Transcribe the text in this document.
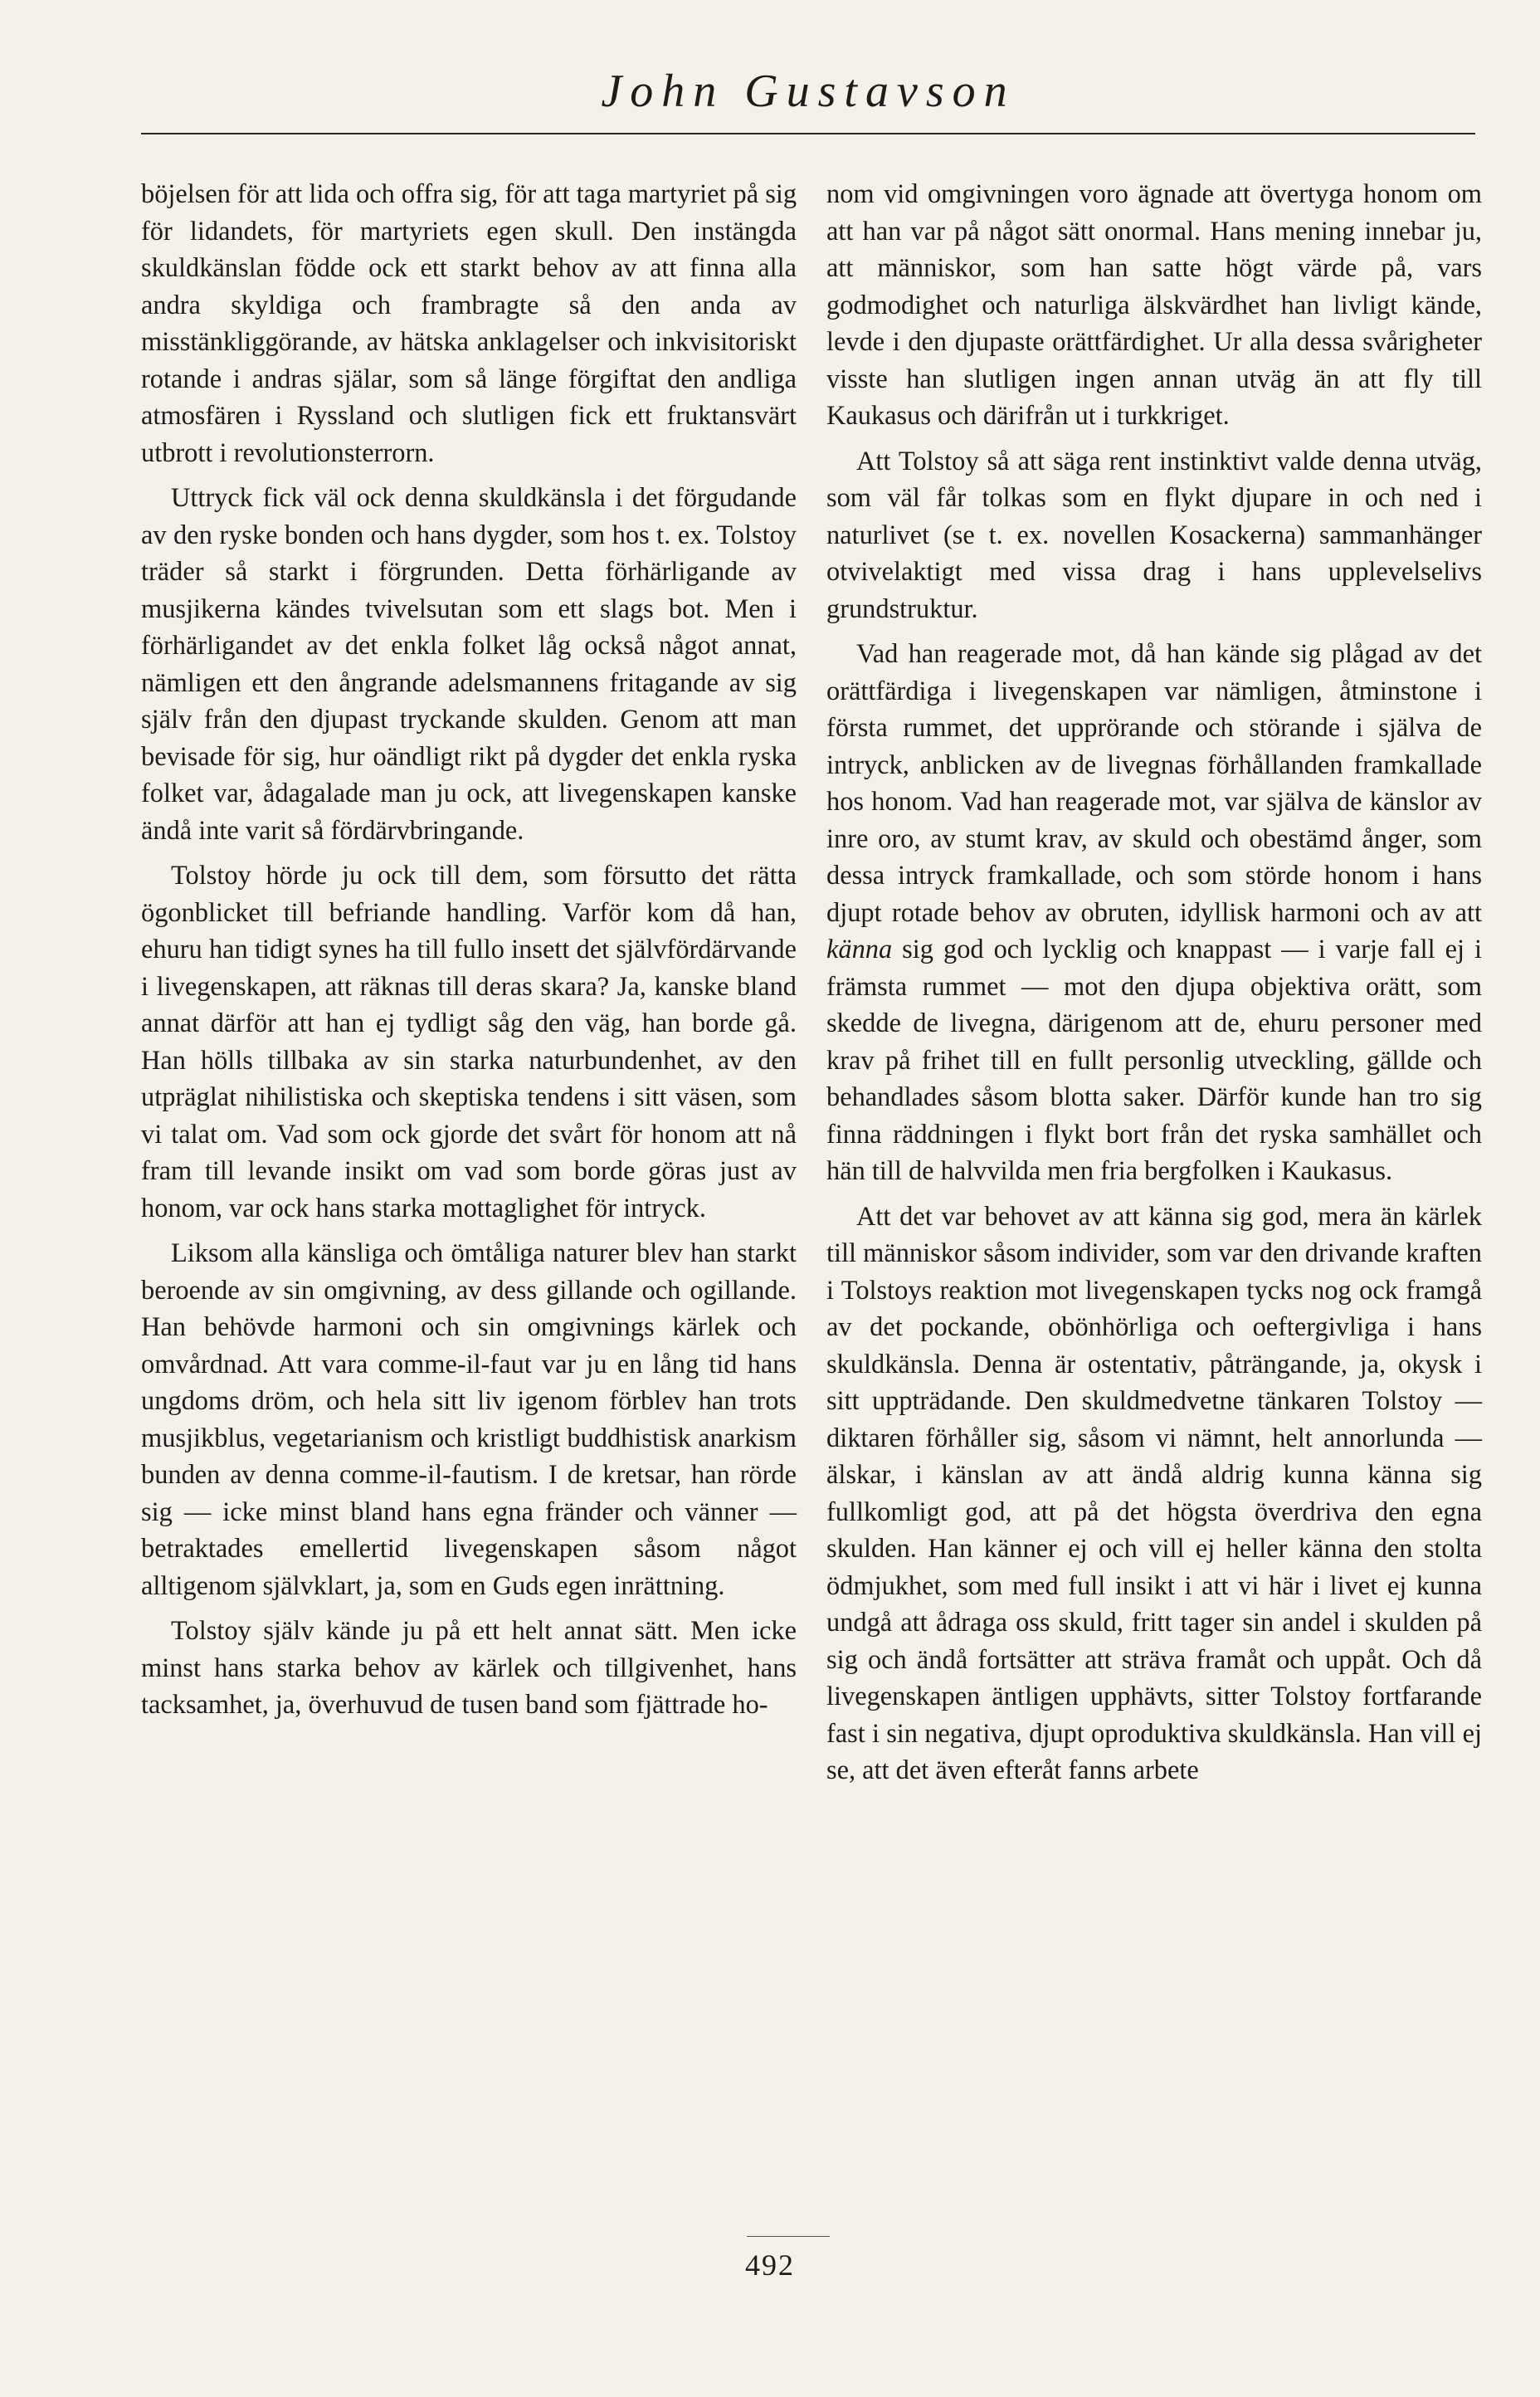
John Gustavson

böjelsen för att lida och offra sig, för att taga martyriet på sig för lidandets, för martyriets egen skull. Den instängda skuldkänslan födde ock ett starkt behov av att finna alla andra skyldiga och frambragte så den anda av misstänkliggörande, av hätska anklagelser och inkvisitoriskt rotande i andras själar, som så länge förgiftat den andliga atmosfären i Ryssland och slutligen fick ett fruktansvärt utbrott i revolutionsterrorn.

Uttryck fick väl ock denna skuldkänsla i det förgudande av den ryske bonden och hans dygder, som hos t. ex. Tolstoy träder så starkt i förgrunden. Detta förhärligande av musjikerna kändes tvivelsutan som ett slags bot. Men i förhärligandet av det enkla folket låg också något annat, nämligen ett den ångrande adelsmannens fritagande av sig själv från den djupast tryckande skulden. Genom att man bevisade för sig, hur oändligt rikt på dygder det enkla ryska folket var, ådagalade man ju ock, att livegenskapen kanske ändå inte varit så fördärvbringande.

Tolstoy hörde ju ock till dem, som försutto det rätta ögonblicket till befriande handling. Varför kom då han, ehuru han tidigt synes ha till fullo insett det självfördärvande i livegenskapen, att räknas till deras skara? Ja, kanske bland annat därför att han ej tydligt såg den väg, han borde gå. Han hölls tillbaka av sin starka naturbundenhet, av den utpräglat nihilistiska och skeptiska tendens i sitt väsen, som vi talat om. Vad som ock gjorde det svårt för honom att nå fram till levande insikt om vad som borde göras just av honom, var ock hans starka mottaglighet för intryck.

Liksom alla känsliga och ömtåliga naturer blev han starkt beroende av sin omgivning, av dess gillande och ogillande. Han behövde harmoni och sin omgivnings kärlek och omvårdnad. Att vara comme-il-faut var ju en lång tid hans ungdoms dröm, och hela sitt liv igenom förblev han trots musjikblus, vegetarianism och kristligt buddhistisk anarkism bunden av denna comme-il-fautism. I de kretsar, han rörde sig — icke minst bland hans egna fränder och vänner — betraktades emellertid livegenskapen såsom något alltigenom självklart, ja, som en Guds egen inrättning.

Tolstoy själv kände ju på ett helt annat sätt. Men icke minst hans starka behov av kärlek och tillgivenhet, hans tacksamhet, ja, överhuvud de tusen band som fjättrade ho-

nom vid omgivningen voro ägnade att övertyga honom om att han var på något sätt onormal. Hans mening innebar ju, att människor, som han satte högt värde på, vars godmodighet och naturliga älskvärdhet han livligt kände, levde i den djupaste orättfärdighet. Ur alla dessa svårigheter visste han slutligen ingen annan utväg än att fly till Kaukasus och därifrån ut i turkkriget.

Att Tolstoy så att säga rent instinktivt valde denna utväg, som väl får tolkas som en flykt djupare in och ned i naturlivet (se t. ex. novellen Kosackerna) sammanhänger otvivelaktigt med vissa drag i hans upplevelselivs grundstruktur.

Vad han reagerade mot, då han kände sig plågad av det orättfärdiga i livegenskapen var nämligen, åtminstone i första rummet, det upprörande och störande i själva de intryck, anblicken av de livegnas förhållanden framkallade hos honom. Vad han reagerade mot, var själva de känslor av inre oro, av stumt krav, av skuld och obestämd ånger, som dessa intryck framkallade, och som störde honom i hans djupt rotade behov av obruten, idyllisk harmoni och av att känna sig god och lycklig och knappast — i varje fall ej i främsta rummet — mot den djupa objektiva orätt, som skedde de livegna, därigenom att de, ehuru personer med krav på frihet till en fullt personlig utveckling, gällde och behandlades såsom blotta saker. Därför kunde han tro sig finna räddningen i flykt bort från det ryska samhället och hän till de halvvilda men fria bergfolken i Kaukasus.

Att det var behovet av att känna sig god, mera än kärlek till människor såsom individer, som var den drivande kraften i Tolstoys reaktion mot livegenskapen tycks nog ock framgå av det pockande, obönhörliga och oeftergivliga i hans skuldkänsla. Denna är ostentativ, påträngande, ja, okysk i sitt uppträdande. Den skuldmedvetne tänkaren Tolstoy — diktaren förhåller sig, såsom vi nämnt, helt annorlunda — älskar, i känslan av att ändå aldrig kunna känna sig fullkomligt god, att på det högsta överdriva den egna skulden. Han känner ej och vill ej heller känna den stolta ödmjukhet, som med full insikt i att vi här i livet ej kunna undgå att ådraga oss skuld, fritt tager sin andel i skulden på sig och ändå fortsätter att sträva framåt och uppåt. Och då livegenskapen äntligen upphävts, sitter Tolstoy fortfarande fast i sin negativa, djupt oproduktiva skuldkänsla. Han vill ej se, att det även efteråt fanns arbete

492
